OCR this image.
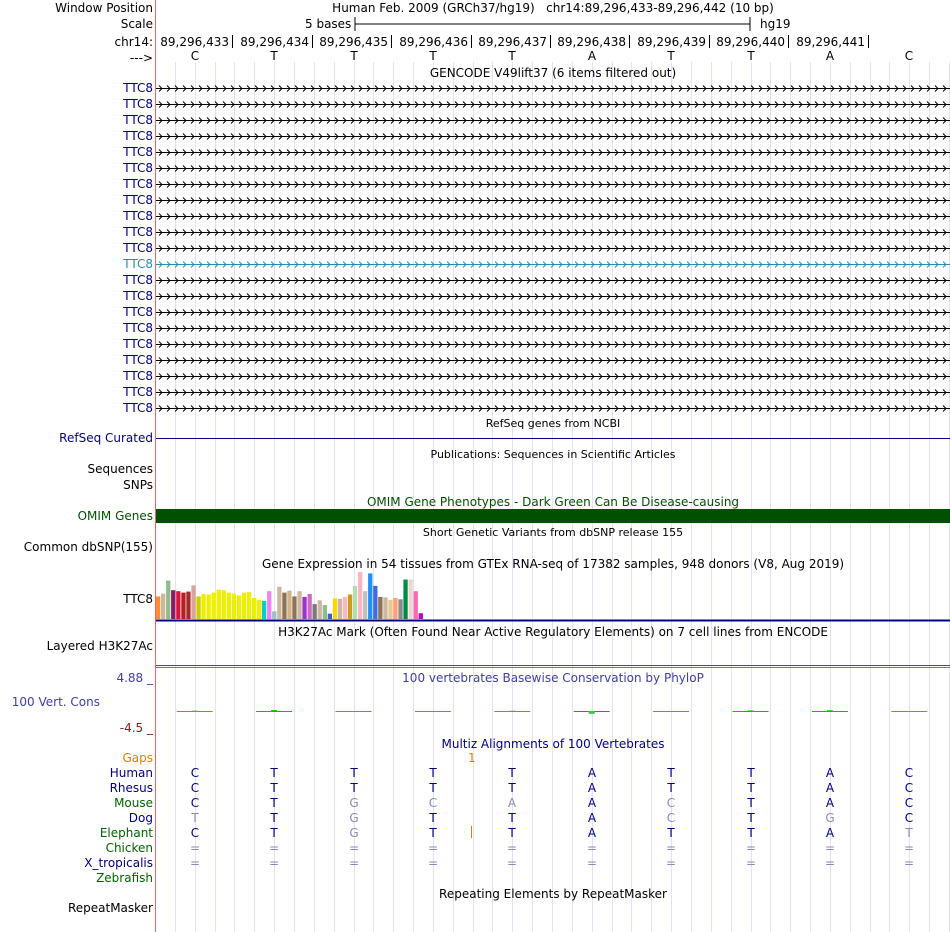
Window Position	Human Feb. 2009 (GRCh37/hg19)   chr14:89,296,433-89,296,442 (10 bp)
Scale	5 bases	hg19
chr14: 89,296,433 89,296,434 89,296,435 89,296,436 89,296,437 89,296,438 89,296,439 89,296,440 89,296,441
--->	C	T	T	T	T	A	T	T	A	C
GENCODE V49lift37 (6 items filtered out)
TTC8
TTC8
TTC8
TTC8
TTC8
TTC8
TTC8
TTC8
TTC8
TTC8
TTC8
TTC8
TTC8
TTC8
TTC8
TTC8
TTC8
TTC8
TTC8
TTC8
TTC8
RefSeq genes from NCBI
RefSeq Curated
Publications: Sequences in Scientific Articles
Sequences
SNPs
OMIM Gene Phenotypes - Dark Green Can Be Disease-causing
OMIM Genes
Short Genetic Variants from dbSNP release 155
Common dbSNP(155)
Gene Expression in 54 tissues from GTEx RNA-seq of 17382 samples, 948 donors (V8, Aug 2019)
TTC8
H3K27Ac Mark (Often Found Near Active Regulatory Elements) on 7 cell lines from ENCODE
Layered H3K27Ac
100 vertebrates Basewise Conservation by PhyloP
4.88 _
100 Vert. Cons
-4.5 _
Multiz Alignments of 100 Vertebrates
Gaps	1
Human	C	T	T	T	T	A	T	T	A	C
Rhesus	C	T	T	T	T	A	T	T	A	C
Mouse	C	T	G	C	A	A	C	T	A	C
Dog	T	T	G	T	T	A	C	T	G	C
Elephant	C	T	G	T	T	A	T	T	A	T
Chicken	=	=	=	=	=	=	=	=	=	=
X_tropicalis	=	=	=	=	=	=	=	=	=	=
Zebrafish
Repeating Elements by RepeatMasker
RepeatMasker
